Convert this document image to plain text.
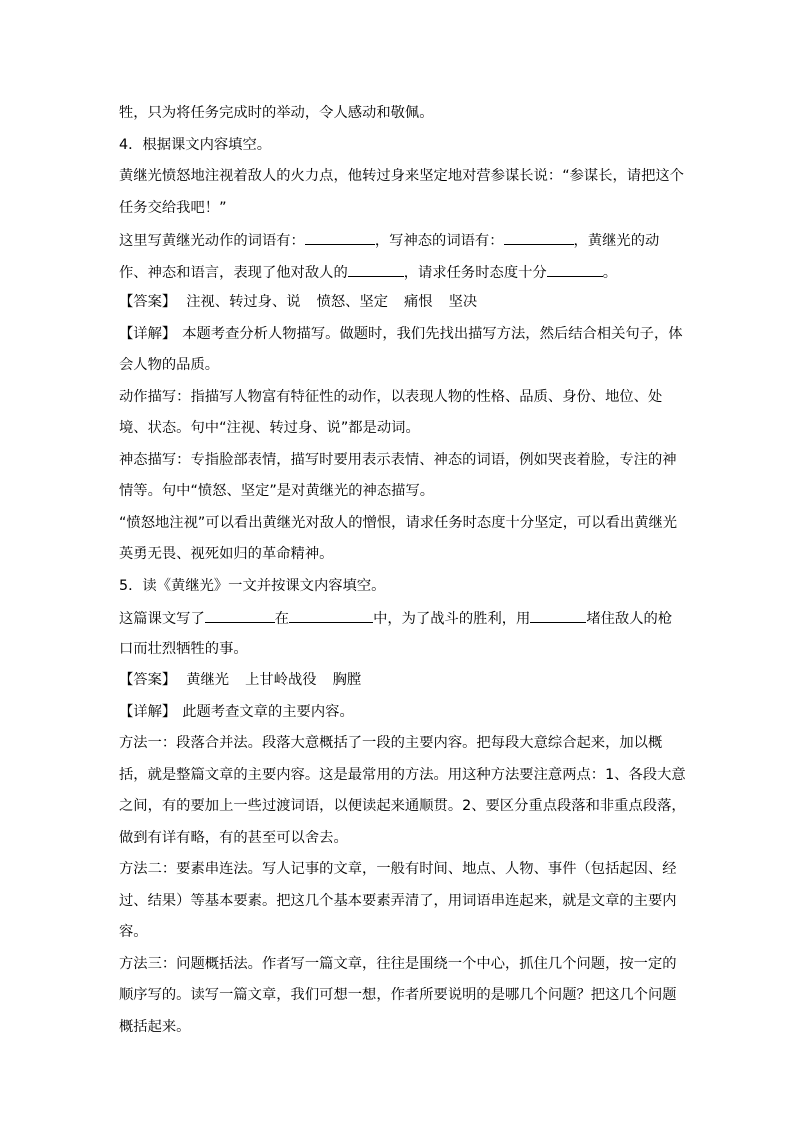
牲，只为将任务完成时的举动，令人感动和敬佩。
4．根据课文内容填空。
黄继光愤怒地注视着敌人的火力点，他转过身来坚定地对营参谋长说：“参谋长，请把这个
任务交给我吧！”
这里写黄继光动作的词语有：	，写神态的词语有：	，黄继光的动
作、神态和语言，表现了他对敌人的	，请求任务时态度十分	。
【答案】 注视、转过身、说 愤怒、坚定 痛恨 坚决
【详解】 本题考查分析人物描写。做题时，我们先找出描写方法，然后结合相关句子，体
会人物的品质。
动作描写：指描写人物富有特征性的动作，以表现人物的性格、品质、身份、地位、处
境、状态。句中“注视、转过身、说”都是动词。
神态描写：专指脸部表情，描写时要用表示表情、神态的词语，例如哭丧着脸，专注的神
情等。句中“愤怒、坚定”是对黄继光的神态描写。
“愤怒地注视”可以看出黄继光对敌人的憎恨，请求任务时态度十分坚定，可以看出黄继光
英勇无畏、视死如归的革命精神。
5．读《黄继光》一文并按课文内容填空。
这篇课文写了	在	中，为了战斗的胜利，用	堵住敌人的枪
口而壮烈牺牲的事。
【答案】 黄继光 上甘岭战役 胸膛
【详解】 此题考查文章的主要内容。
方法一：段落合并法。段落大意概括了一段的主要内容。把每段大意综合起来，加以概
括，就是整篇文章的主要内容。这是最常用的方法。用这种方法要注意两点：1、各段大意
之间，有的要加上一些过渡词语，以便读起来通顺贯。2、要区分重点段落和非重点段落，
做到有详有略，有的甚至可以舍去。
方法二：要素串连法。写人记事的文章，一般有时间、地点、人物、事件（包括起因、经
过、结果）等基本要素。把这几个基本要素弄清了，用词语串连起来，就是文章的主要内
容。
方法三：问题概括法。作者写一篇文章，往往是围绕一个中心，抓住几个问题，按一定的
顺序写的。读写一篇文章，我们可想一想，作者所要说明的是哪几个问题？把这几个问题
概括起来。
